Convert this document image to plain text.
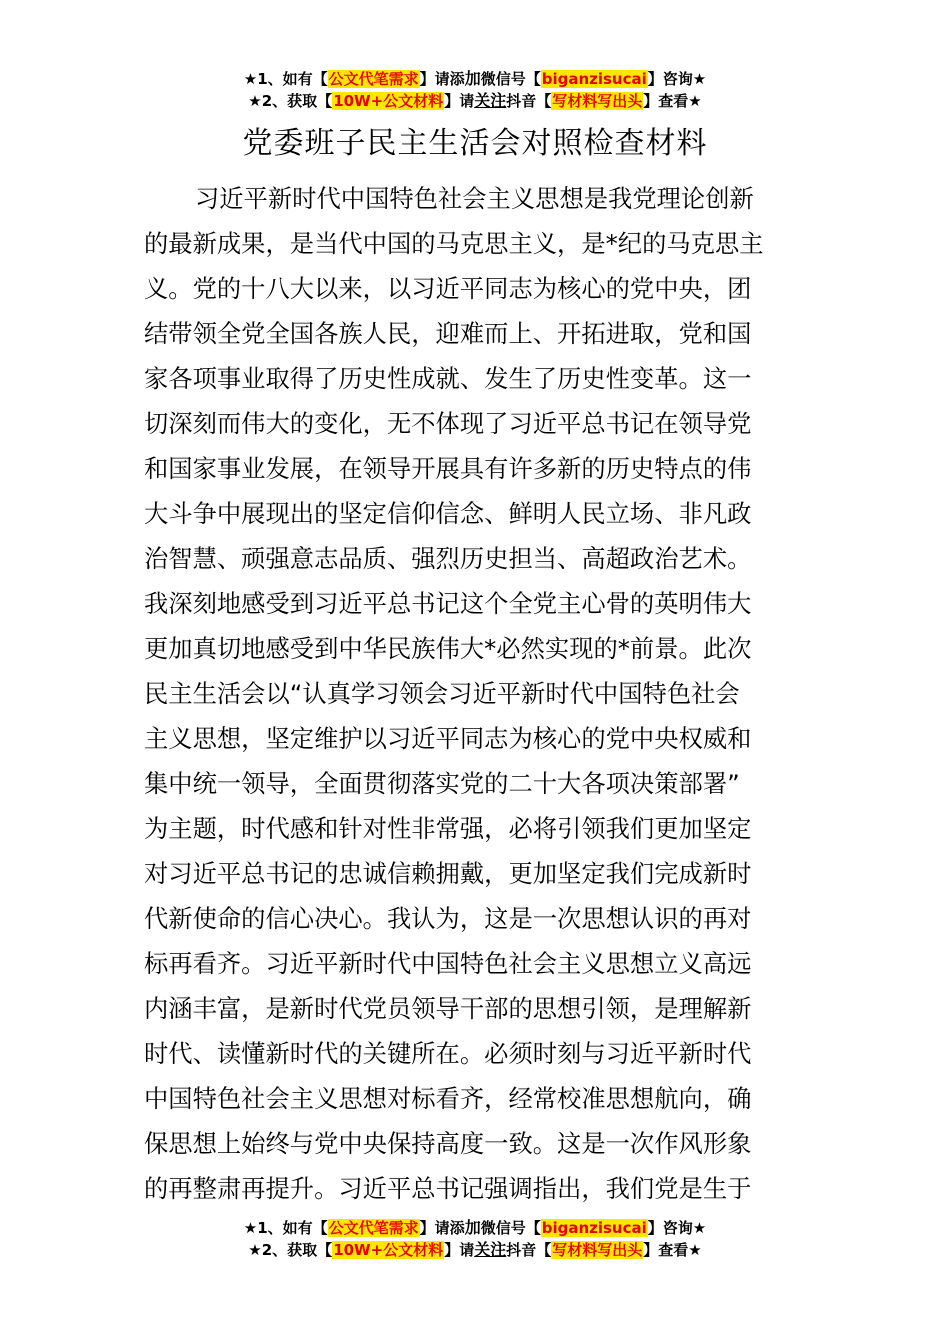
★1、如有【公文代笔需求】请添加微信号【biganzisucai】咨询★
★2、获取【10W+公文材料】请关注抖音【写材料写出头】查看★
党委班子民主生活会对照检查材料
习近平新时代中国特色社会主义思想是我党理论创新
的最新成果，是当代中国的马克思主义，是*纪的马克思主
义。党的十八大以来，以习近平同志为核心的党中央，团
结带领全党全国各族人民，迎难而上、开拓进取，党和国
家各项事业取得了历史性成就、发生了历史性变革。这一
切深刻而伟大的变化，无不体现了习近平总书记在领导党
和国家事业发展，在领导开展具有许多新的历史特点的伟
大斗争中展现出的坚定信仰信念、鲜明人民立场、非凡政
治智慧、顽强意志品质、强烈历史担当、高超政治艺术。
我深刻地感受到习近平总书记这个全党主心骨的英明伟大
更加真切地感受到中华民族伟大*必然实现的*前景。此次
民主生活会以“认真学习领会习近平新时代中国特色社会
主义思想，坚定维护以习近平同志为核心的党中央权威和
集中统一领导，全面贯彻落实党的二十大各项决策部署”
为主题，时代感和针对性非常强，必将引领我们更加坚定
对习近平总书记的忠诚信赖拥戴，更加坚定我们完成新时
代新使命的信心决心。我认为，这是一次思想认识的再对
标再看齐。习近平新时代中国特色社会主义思想立义高远
内涵丰富，是新时代党员领导干部的思想引领，是理解新
时代、读懂新时代的关键所在。必须时刻与习近平新时代
中国特色社会主义思想对标看齐，经常校准思想航向，确
保思想上始终与党中央保持高度一致。这是一次作风形象
的再整肃再提升。习近平总书记强调指出，我们党是生于
★1、如有【公文代笔需求】请添加微信号【biganzisucai】咨询★
★2、获取【10W+公文材料】请关注抖音【写材料写出头】查看★
